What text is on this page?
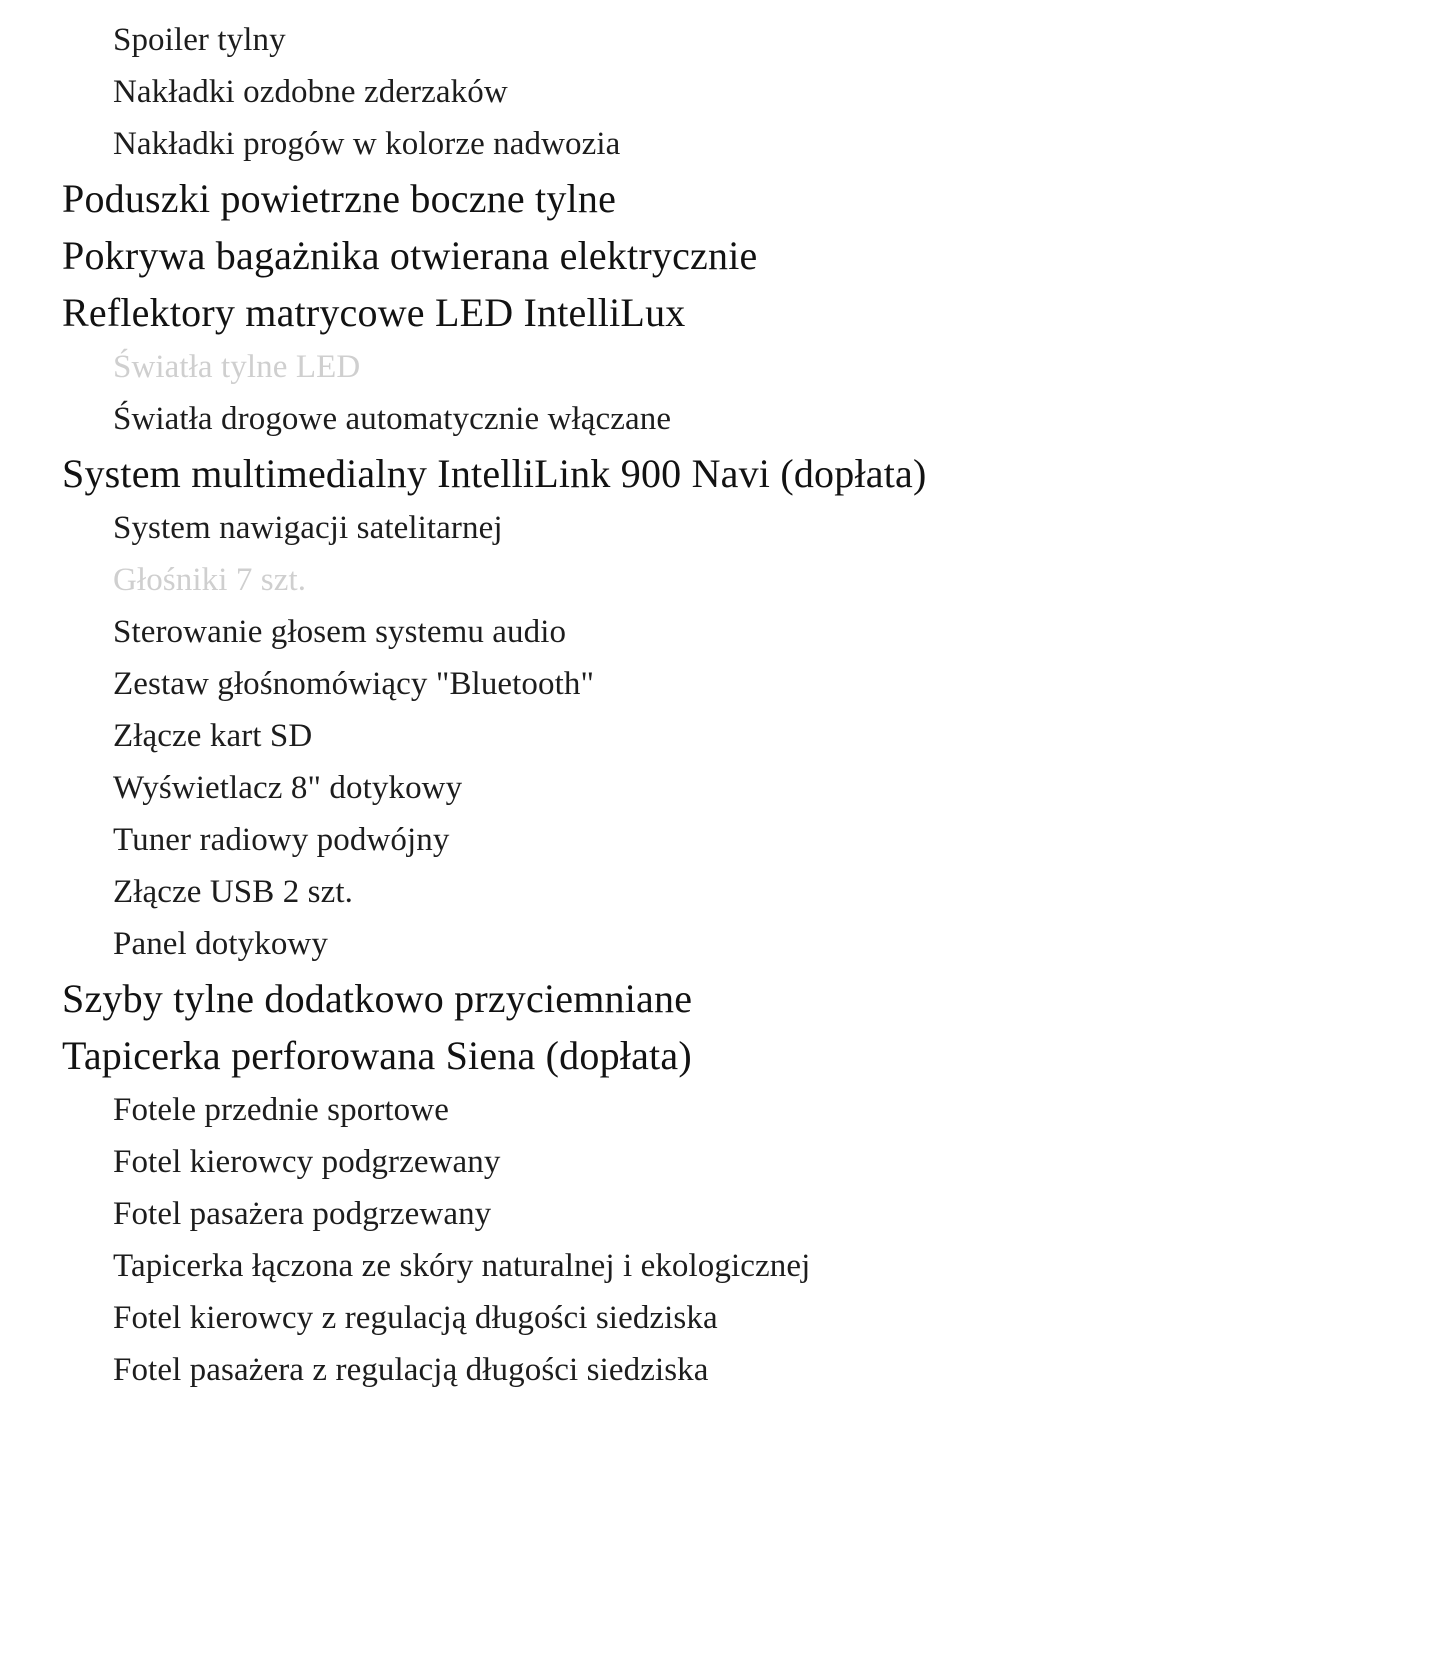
Spoiler tylny
Nakładki ozdobne zderzaków
Nakładki progów w kolorze nadwozia
Poduszki powietrzne boczne tylne
Pokrywa bagażnika otwierana elektrycznie
Reflektory matrycowe LED IntelliLux
Światła tylne LED
Światła drogowe automatycznie włączane
System multimedialny IntelliLink 900 Navi (dopłata)
System nawigacji satelitarnej
Głośniki 7 szt.
Sterowanie głosem systemu audio
Zestaw głośnomówiący "Bluetooth"
Złącze kart SD
Wyświetlacz 8" dotykowy
Tuner radiowy podwójny
Złącze USB 2 szt.
Panel dotykowy
Szyby tylne dodatkowo przyciemniane
Tapicerka perforowana Siena (dopłata)
Fotele przednie sportowe
Fotel kierowcy podgrzewany
Fotel pasażera podgrzewany
Tapicerka łączona ze skóry naturalnej i ekologicznej
Fotel kierowcy z regulacją długości siedziska
Fotel pasażera z regulacją długości siedziska
